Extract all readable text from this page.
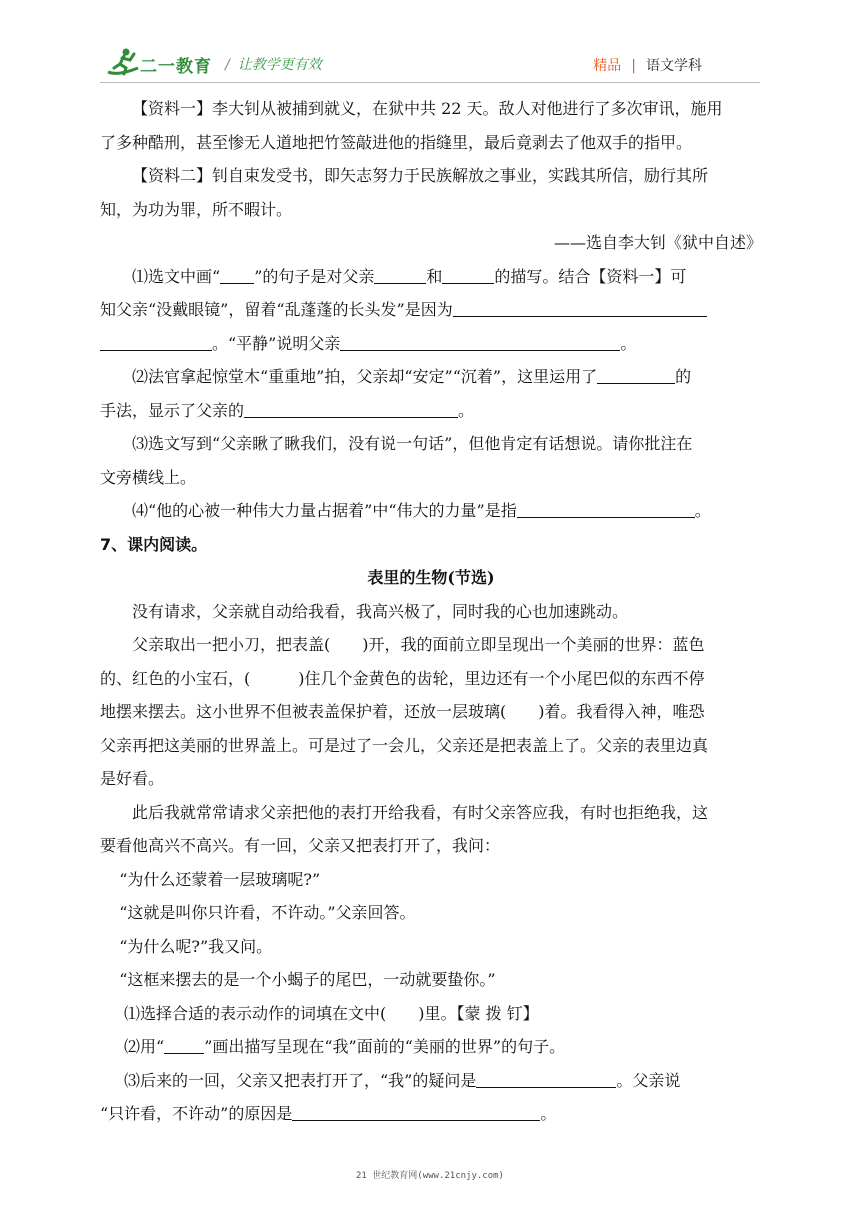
二一教育 / 让教学更有效	精品 | 语文学科

【资料一】李大钊从被捕到就义，在狱中共 22 天。敌人对他进行了多次审讯，施用

了多种酷刑，甚至惨无人道地把竹签敲进他的指缝里，最后竟剥去了他双手的指甲。

【资料二】钊自束发受书，即矢志努力于民族解放之事业，实践其所信，励行其所

知，为功为罪，所不暇计。

——选自李大钊《狱中自述》

⑴选文中画“ ”的句子是对父亲	和	的描写。结合【资料一】可

知父亲“没戴眼镜”，留着“乱蓬蓬的长头发”是因为

。“平静”说明父亲	。

⑵法官拿起惊堂木“重重地”拍，父亲却“安定”“沉着”，这里运用了	的

手法，显示了父亲的	。

⑶选文写到“父亲瞅了瞅我们，没有说一句话”，但他肯定有话想说。请你批注在

文旁横线上。

⑷“他的心被一种伟大力量占据着”中“伟大的力量”是指	。

7、课内阅读。

表里的生物(节选)

没有请求，父亲就自动给我看，我高兴极了，同时我的心也加速跳动。

父亲取出一把小刀，把表盖(　　)开，我的面前立即呈现出一个美丽的世界：蓝色

的、红色的小宝石，(　　　)住几个金黄色的齿轮，里边还有一个小尾巴似的东西不停

地摆来摆去。这小世界不但被表盖保护着，还放一层玻璃(　　)着。我看得入神，唯恐

父亲再把这美丽的世界盖上。可是过了一会儿，父亲还是把表盖上了。父亲的表里边真

是好看。

此后我就常常请求父亲把他的表打开给我看，有时父亲答应我，有时也拒绝我，这

要看他高兴不高兴。有一回，父亲又把表打开了，我问：

“为什么还蒙着一层玻璃呢?”

“这就是叫你只许看，不许动。”父亲回答。

“为什么呢?”我又问。

“这框来摆去的是一个小蝎子的尾巴，一动就要蛰你。”

⑴选择合适的表示动作的词填在文中(　　)里。【蒙 拨 钉】

⑵用“	”画出描写呈现在“我”面前的“美丽的世界”的句子。

⑶后来的一回，父亲又把表打开了，“我”的疑问是	。父亲说

“只许看，不许动”的原因是	。

21 世纪教育网(www.21cnjy.com)
